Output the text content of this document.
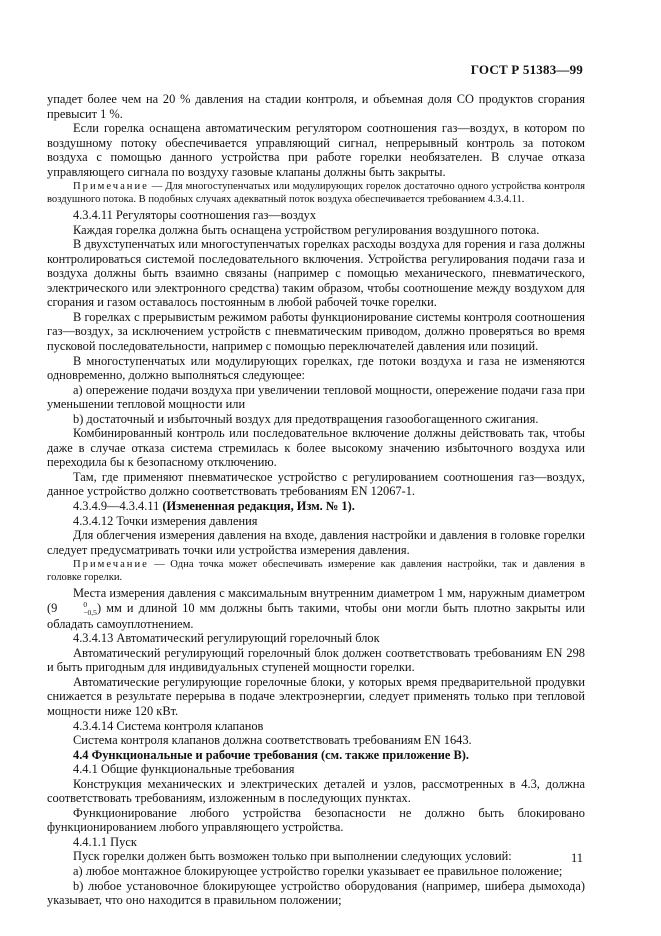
ГОСТ Р 51383—99

упадет более чем на 20 % давления на стадии контроля, и объемная доля СО продуктов сгорания превысит 1 %.

Если горелка оснащена автоматическим регулятором соотношения газ—воздух, в котором по воздушному потоку обеспечивается управляющий сигнал, непрерывный контроль за потоком воздуха с помощью данного устройства при работе горелки необязателен. В случае отказа управляющего сигнала по воздуху газовые клапаны должны быть закрыты.

Примечание — Для многоступенчатых или модулирующих горелок достаточно одного устройства контроля воздушного потока. В подобных случаях адекватный поток воздуха обеспечивается требованием 4.3.4.11.

4.3.4.11 Регуляторы соотношения газ—воздух

Каждая горелка должна быть оснащена устройством регулирования воздушного потока.

В двухступенчатых или многоступенчатых горелках расходы воздуха для горения и газа должны контролироваться системой последовательного включения. Устройства регулирования подачи газа и воздуха должны быть взаимно связаны (например с помощью механического, пневматического, электрического или электронного средства) таким образом, чтобы соотношение между воздухом для сгорания и газом оставалось постоянным в любой рабочей точке горелки.

В горелках с прерывистым режимом работы функционирование системы контроля соотношения газ—воздух, за исключением устройств с пневматическим приводом, должно проверяться во время пусковой последовательности, например с помощью переключателей давления или позиций.

В многоступенчатых или модулирующих горелках, где потоки воздуха и газа не изменяются одновременно, должно выполняться следующее:

a) опережение подачи воздуха при увеличении тепловой мощности, опережение подачи газа при уменьшении тепловой мощности или

b) достаточный и избыточный воздух для предотвращения газообогащенного сжигания.

Комбинированный контроль или последовательное включение должны действовать так, чтобы даже в случае отказа система стремилась к более высокому значению избыточного воздуха или переходила бы к безопасному отключению.

Там, где применяют пневматическое устройство с регулированием соотношения газ—воздух, данное устройство должно соответствовать требованиям EN 12067-1.

4.3.4.9—4.3.4.11 (Измененная редакция, Изм. № 1).

4.3.4.12 Точки измерения давления

Для облегчения измерения давления на входе, давления настройки и давления в головке горелки следует предусматривать точки или устройства измерения давления.

Примечание — Одна точка может обеспечивать измерение как давления настройки, так и давления в головке горелки.

Места измерения давления с максимальным внутренним диаметром 1 мм, наружным диаметром (9	0
−0,5 ) мм и длиной 10 мм должны быть такими, чтобы они могли быть плотно закрыты или обладать самоуплотнением.

4.3.4.13 Автоматический регулирующий горелочный блок

Автоматический регулирующий горелочный блок должен соответствовать требованиям EN 298 и быть пригодным для индивидуальных ступеней мощности горелки.

Автоматические регулирующие горелочные блоки, у которых время предварительной продувки снижается в результате перерыва в подаче электроэнергии, следует применять только при тепловой мощности ниже 120 кВт.

4.3.4.14 Система контроля клапанов

Система контроля клапанов должна соответствовать требованиям EN 1643.

4.4 Функциональные и рабочие требования (см. также приложение В).

4.4.1 Общие функциональные требования

Конструкция механических и электрических деталей и узлов, рассмотренных в 4.3, должна соответствовать требованиям, изложенным в последующих пунктах.

Функционирование любого устройства безопасности не должно быть блокировано функционированием любого управляющего устройства.

4.4.1.1 Пуск

Пуск горелки должен быть возможен только при выполнении следующих условий:

a) любое монтажное блокирующее устройство горелки указывает ее правильное положение;

b) любое установочное блокирующее устройство оборудования (например, шибера дымохода) указывает, что оно находится в правильном положении;

11
